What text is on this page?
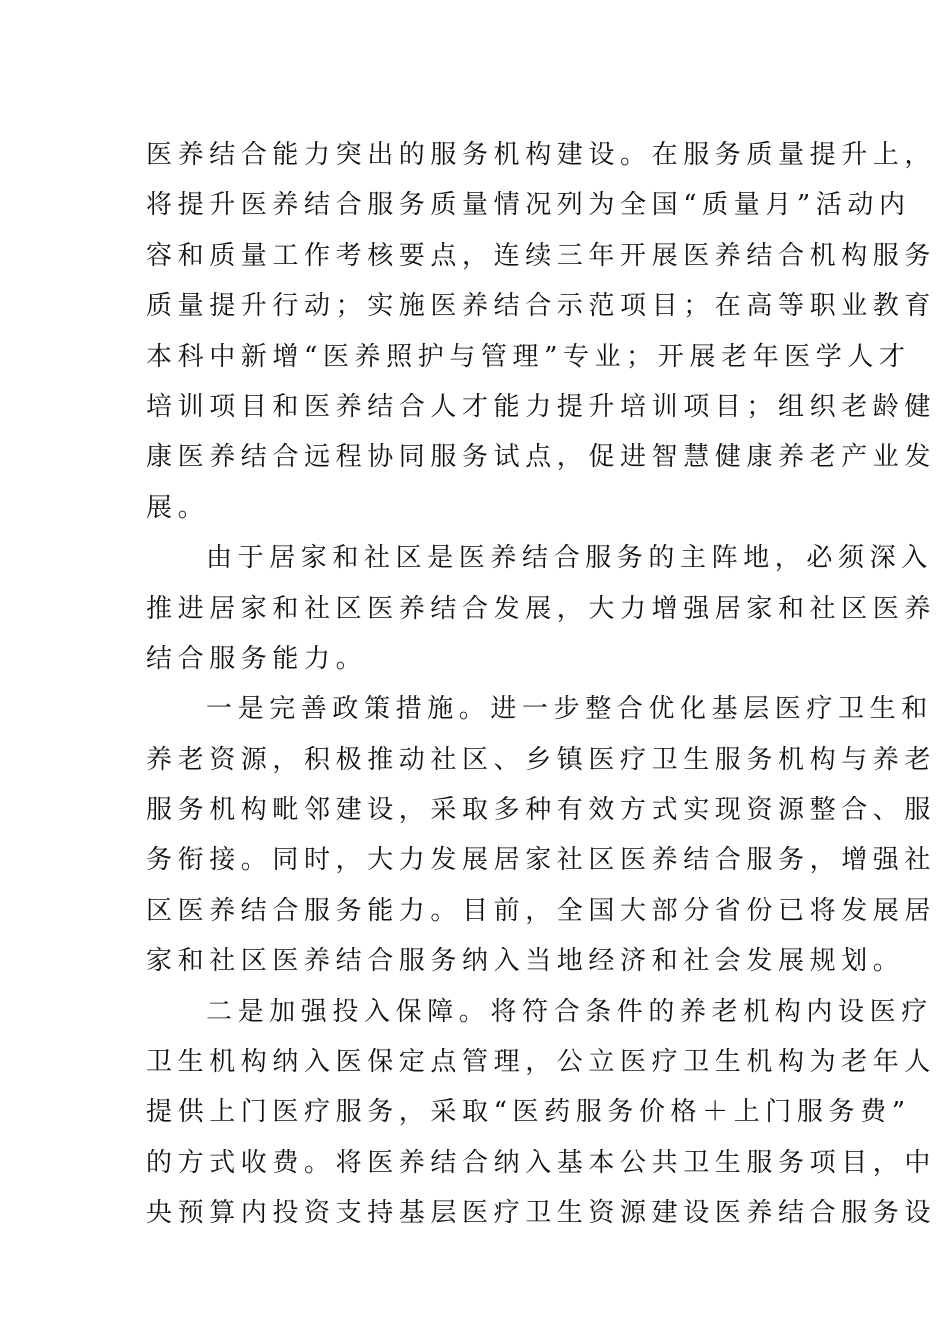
医养结合能力突出的服务机构建设。在服务质量提升上，
将提升医养结合服务质量情况列为全国“质量月”活动内
容和质量工作考核要点，连续三年开展医养结合机构服务
质量提升行动；实施医养结合示范项目；在高等职业教育
本科中新增“医养照护与管理”专业；开展老年医学人才
培训项目和医养结合人才能力提升培训项目；组织老龄健
康医养结合远程协同服务试点，促进智慧健康养老产业发
展。
由于居家和社区是医养结合服务的主阵地，必须深入
推进居家和社区医养结合发展，大力增强居家和社区医养
结合服务能力。
一是完善政策措施。进一步整合优化基层医疗卫生和
养老资源，积极推动社区、乡镇医疗卫生服务机构与养老
服务机构毗邻建设，采取多种有效方式实现资源整合、服
务衔接。同时，大力发展居家社区医养结合服务，增强社
区医养结合服务能力。目前，全国大部分省份已将发展居
家和社区医养结合服务纳入当地经济和社会发展规划。
二是加强投入保障。将符合条件的养老机构内设医疗
卫生机构纳入医保定点管理，公立医疗卫生机构为老年人
提供上门医疗服务，采取“医药服务价格＋上门服务费”
的方式收费。将医养结合纳入基本公共卫生服务项目，中
央预算内投资支持基层医疗卫生资源建设医养结合服务设
